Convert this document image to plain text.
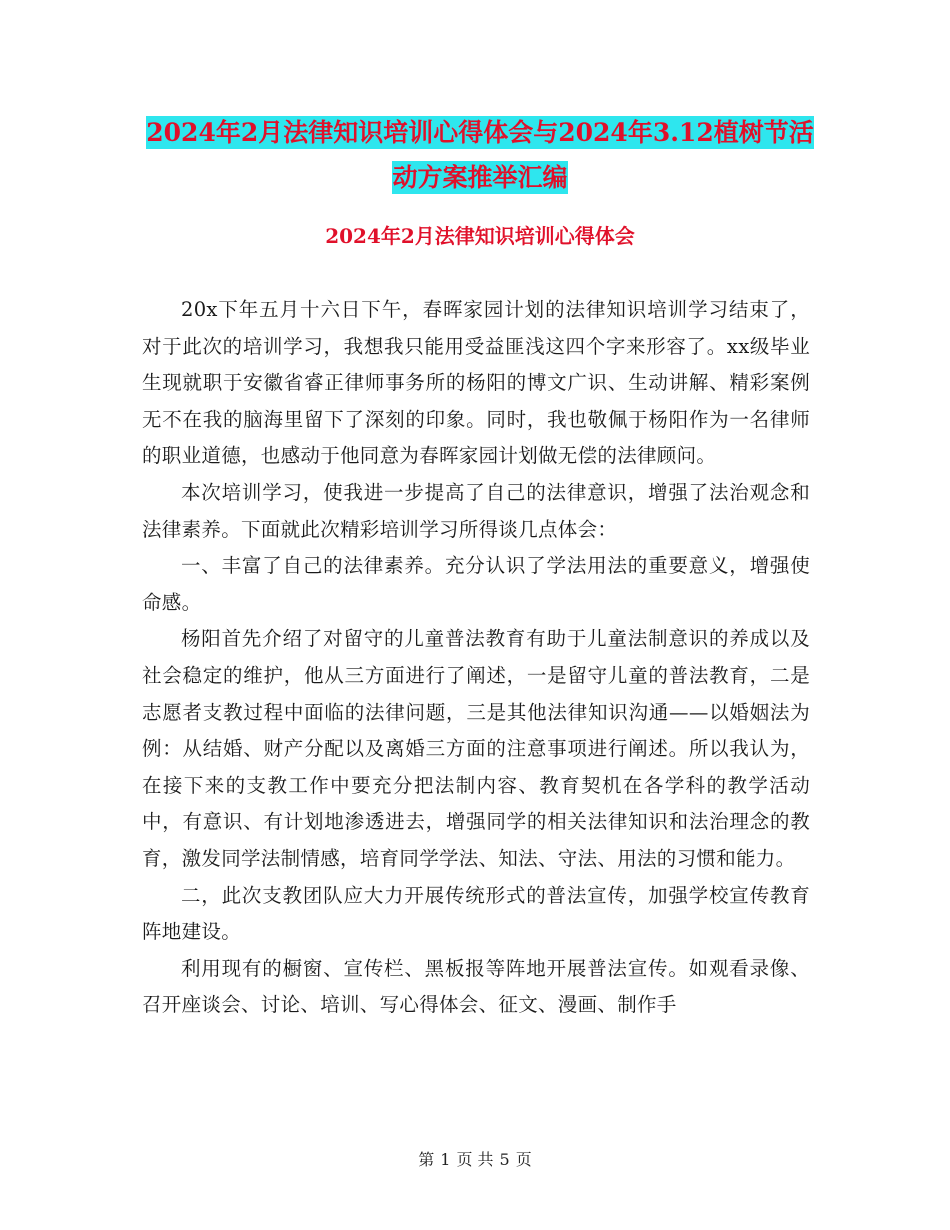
2024年2月法律知识培训心得体会与2024年3.12植树节活动方案推举汇编
2024年2月法律知识培训心得体会

20x下年五月十六日下午，春晖家园计划的法律知识培训学习结束了，对于此次的培训学习，我想我只能用受益匪浅这四个字来形容了。xx级毕业生现就职于安徽省睿正律师事务所的杨阳的博文广识、生动讲解、精彩案例无不在我的脑海里留下了深刻的印象。同时，我也敬佩于杨阳作为一名律师的职业道德，也感动于他同意为春晖家园计划做无偿的法律顾问。

本次培训学习，使我进一步提高了自己的法律意识，增强了法治观念和法律素养。下面就此次精彩培训学习所得谈几点体会：

一、丰富了自己的法律素养。充分认识了学法用法的重要意义，增强使命感。

杨阳首先介绍了对留守的儿童普法教育有助于儿童法制意识的养成以及社会稳定的维护，他从三方面进行了阐述，一是留守儿童的普法教育，二是志愿者支教过程中面临的法律问题，三是其他法律知识沟通——以婚姻法为例：从结婚、财产分配以及离婚三方面的注意事项进行阐述。所以我认为，在接下来的支教工作中要充分把法制内容、教育契机在各学科的教学活动中，有意识、有计划地渗透进去，增强同学的相关法律知识和法治理念的教育，激发同学法制情感，培育同学学法、知法、守法、用法的习惯和能力。

二，此次支教团队应大力开展传统形式的普法宣传，加强学校宣传教育阵地建设。

利用现有的橱窗、宣传栏、黑板报等阵地开展普法宣传。如观看录像、召开座谈会、讨论、培训、写心得体会、征文、漫画、制作手

第 1 页 共 5 页
